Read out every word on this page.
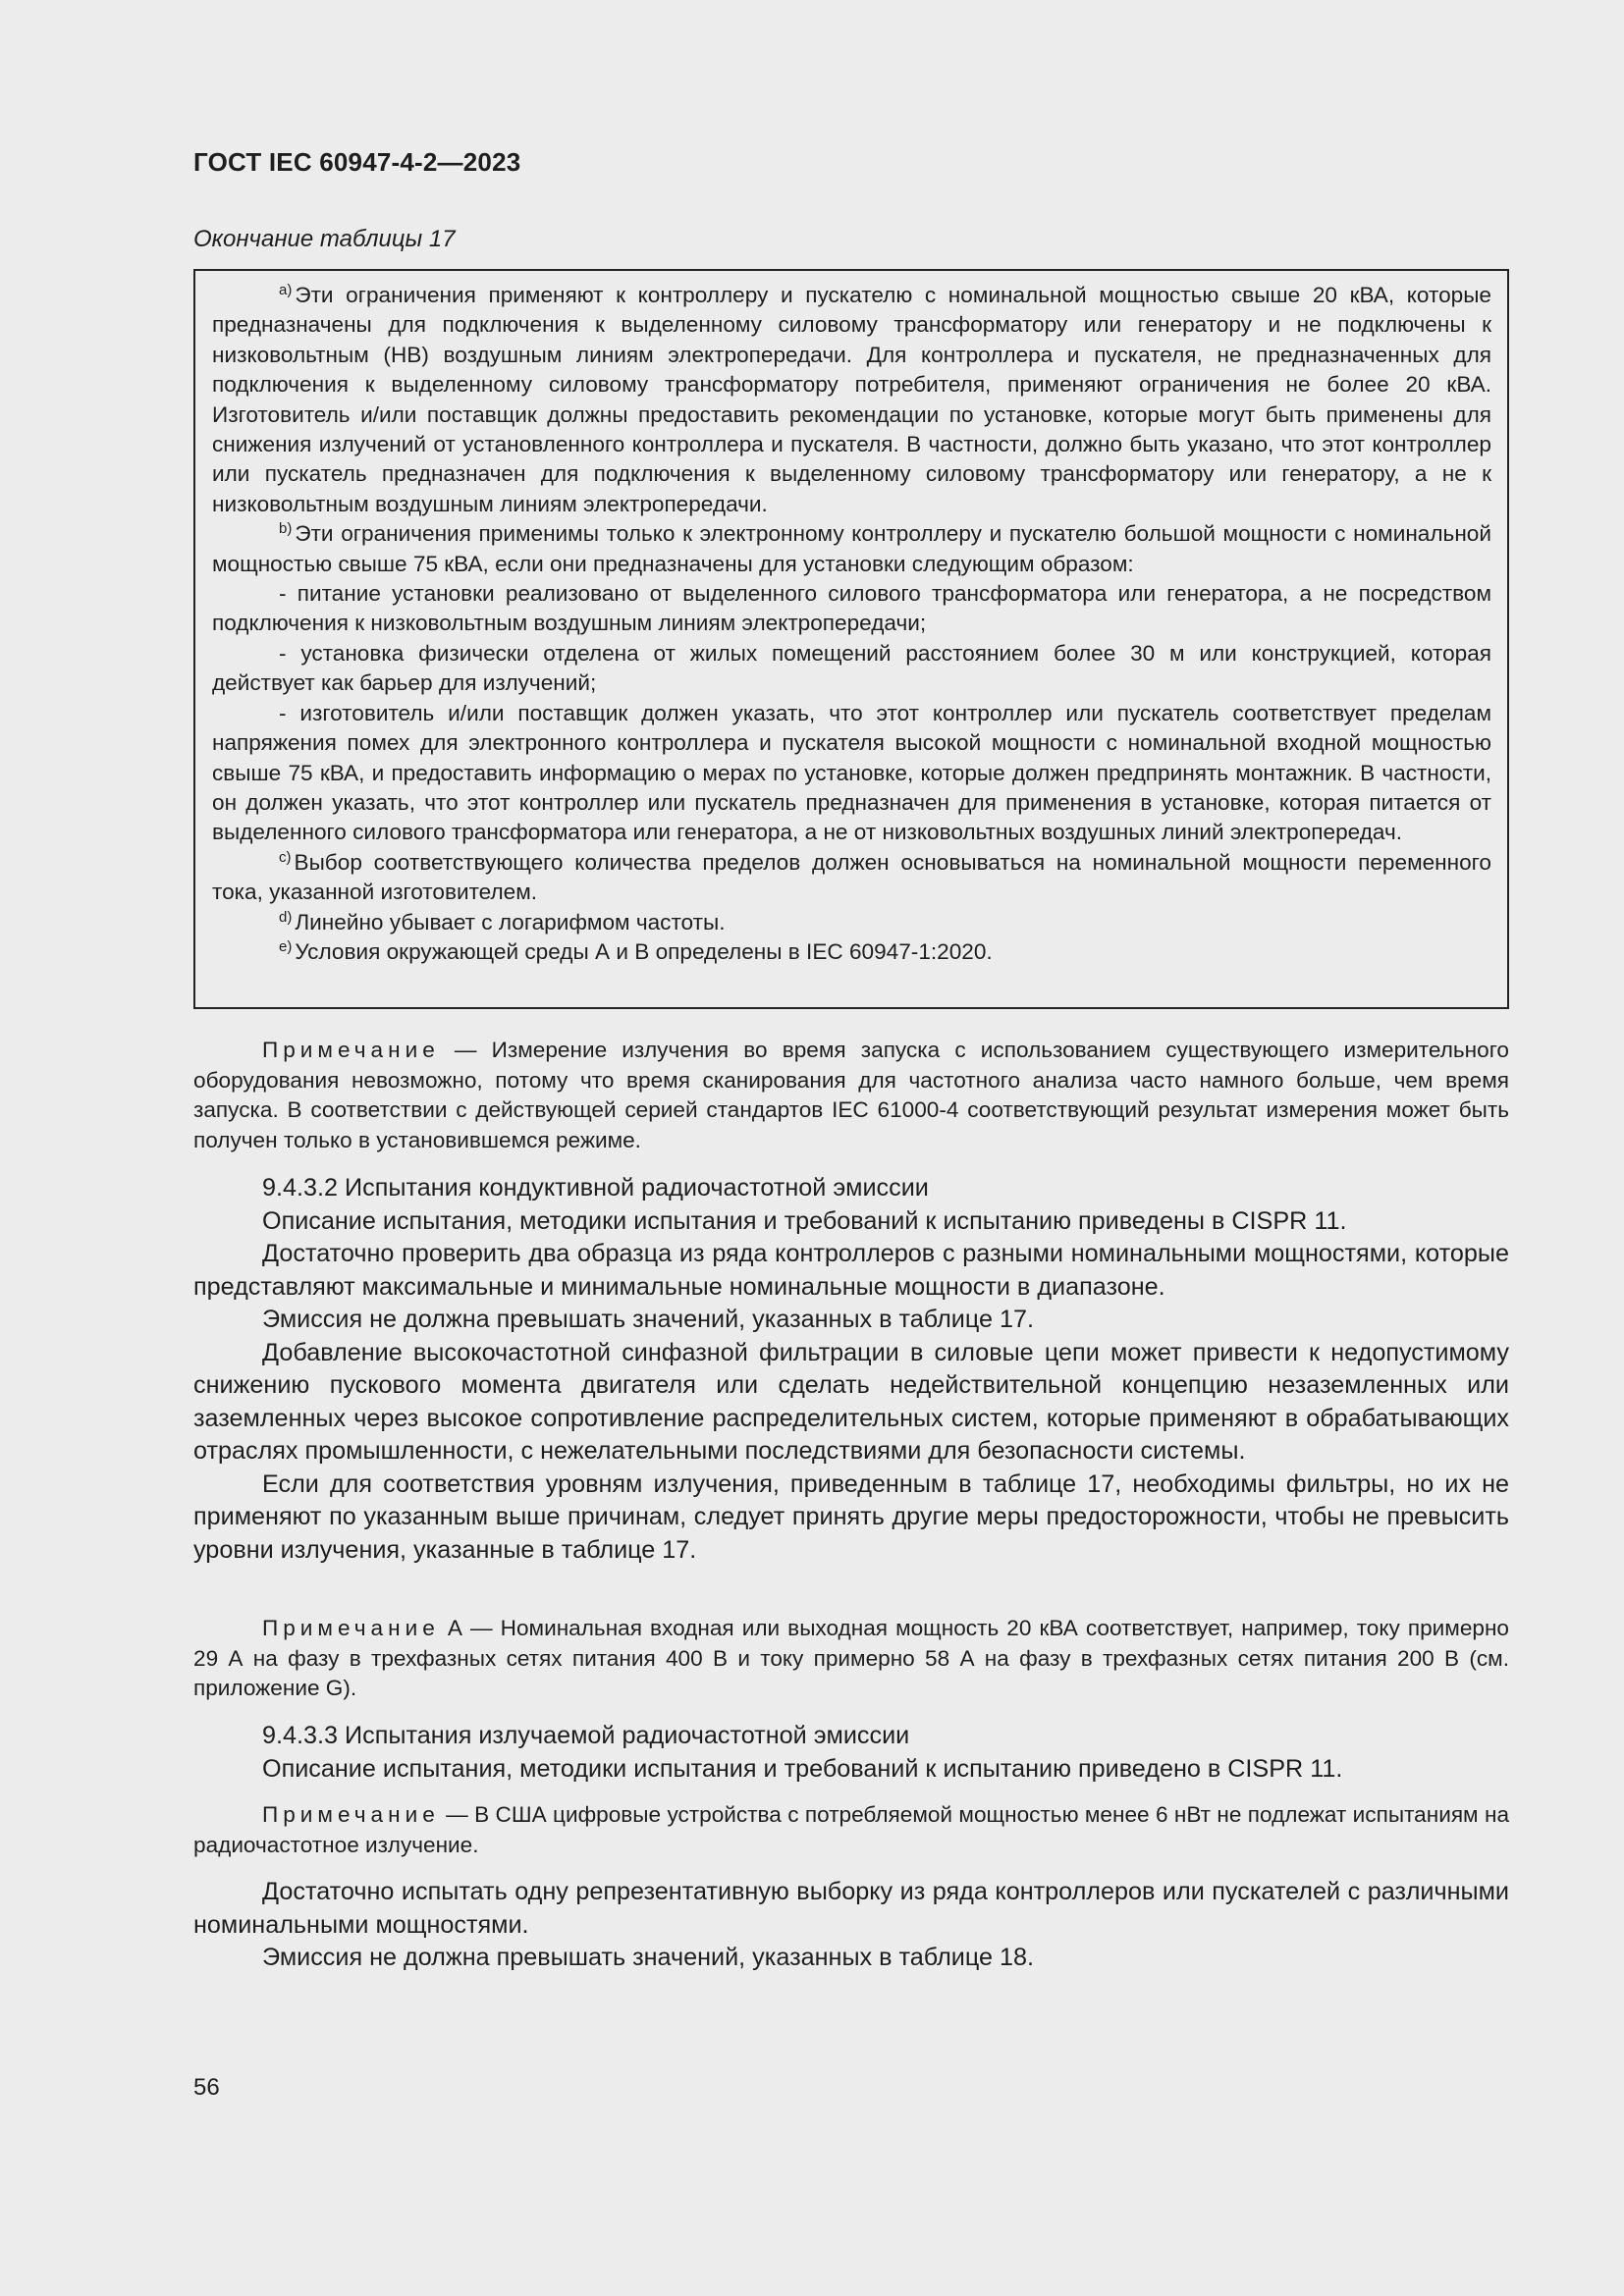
ГОСТ IEC 60947-4-2—2023
Окончание таблицы 17

$^{a)}$ Эти ограничения применяют к контроллеру и пускателю с номинальной мощностью свыше 20 кВА, которые предназначены для подключения к выделенному силовому трансформатору или генератору и не подключены к низковольтным (НВ) воздушным линиям электропередачи. Для контроллера и пускателя, не предназначенных для подключения к выделенному силовому трансформатору потребителя, применяют ограничения не более 20 кВА. Изготовитель и/или поставщик должны предоставить рекомендации по установке, которые могут быть применены для снижения излучений от установленного контроллера и пускателя. В частности, должно быть указано, что этот контроллер или пускатель предназначен для подключения к выделенному силовому трансформатору или генератору, а не к низковольтным воздушным линиям электропередачи.

$^{b)}$ Эти ограничения применимы только к электронному контроллеру и пускателю большой мощности с номинальной мощностью свыше 75 кВА, если они предназначены для установки следующим образом:

- питание установки реализовано от выделенного силового трансформатора или генератора, а не посредством подключения к низковольтным воздушным линиям электропередачи;

- установка физически отделена от жилых помещений расстоянием более 30 м или конструкцией, которая действует как барьер для излучений;

- изготовитель и/или поставщик должен указать, что этот контроллер или пускатель соответствует пределам напряжения помех для электронного контроллера и пускателя высокой мощности с номинальной входной мощностью свыше 75 кВА, и предоставить информацию о мерах по установке, которые должен предпринять монтажник. В частности, он должен указать, что этот контроллер или пускатель предназначен для применения в установке, которая питается от выделенного силового трансформатора или генератора, а не от низковольтных воздушных линий электропередач.

$^{c)}$ Выбор соответствующего количества пределов должен основываться на номинальной мощности переменного тока, указанной изготовителем.

$^{d)}$ Линейно убывает с логарифмом частоты.

$^{e)}$ Условия окружающей среды А и В определены в IEC 60947-1:2020.

Примечание — Измерение излучения во время запуска с использованием существующего измерительного оборудования невозможно, потому что время сканирования для частотного анализа часто намного больше, чем время запуска. В соответствии с действующей серией стандартов IEC 61000-4 соответствующий результат измерения может быть получен только в установившемся режиме.

9.4.3.2 Испытания кондуктивной радиочастотной эмиссии

Описание испытания, методики испытания и требований к испытанию приведены в CISPR 11.

Достаточно проверить два образца из ряда контроллеров с разными номинальными мощностями, которые представляют максимальные и минимальные номинальные мощности в диапазоне.

Эмиссия не должна превышать значений, указанных в таблице 17.

Добавление высокочастотной синфазной фильтрации в силовые цепи может привести к недопустимому снижению пускового момента двигателя или сделать недействительной концепцию незаземленных или заземленных через высокое сопротивление распределительных систем, которые применяют в обрабатывающих отраслях промышленности, с нежелательными последствиями для безопасности системы.

Если для соответствия уровням излучения, приведенным в таблице 17, необходимы фильтры, но их не применяют по указанным выше причинам, следует принять другие меры предосторожности, чтобы не превысить уровни излучения, указанные в таблице 17.

Примечание А — Номинальная входная или выходная мощность 20 кВА соответствует, например, току примерно 29 А на фазу в трехфазных сетях питания 400 В и току примерно 58 А на фазу в трехфазных сетях питания 200 В (см. приложение G).

9.4.3.3 Испытания излучаемой радиочастотной эмиссии

Описание испытания, методики испытания и требований к испытанию приведено в CISPR 11.

Примечание — В США цифровые устройства с потребляемой мощностью менее 6 нВт не подлежат испытаниям на радиочастотное излучение.

Достаточно испытать одну репрезентативную выборку из ряда контроллеров или пускателей с различными номинальными мощностями.

Эмиссия не должна превышать значений, указанных в таблице 18.

56
